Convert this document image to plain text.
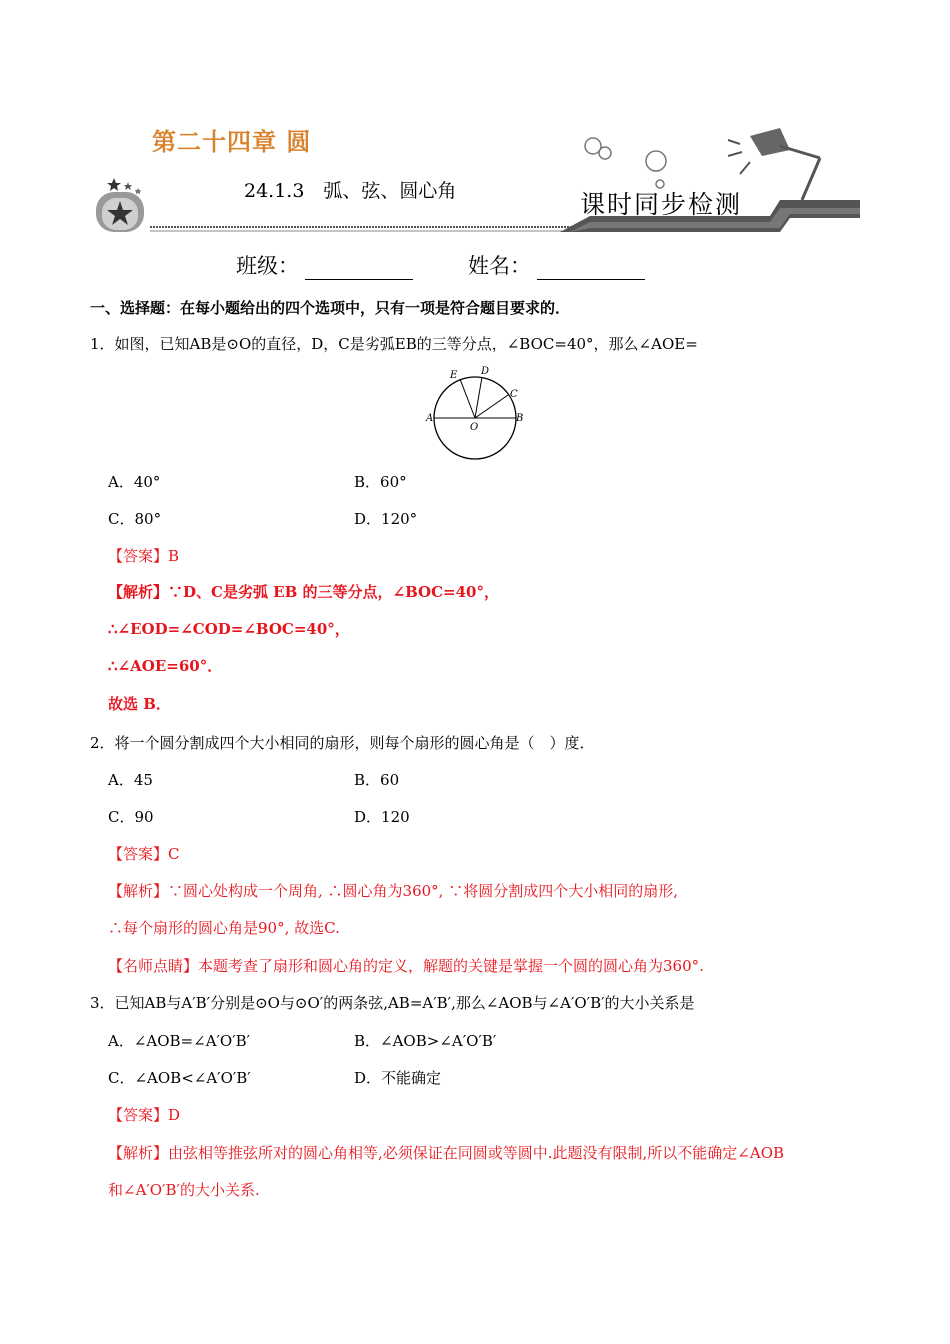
第二十四章 圆
24.1.3　弧、弦、圆心角	课时同步检测
班级：	姓名：
一、选择题：在每小题给出的四个选项中，只有一项是符合题目要求的．
1．如图，已知AB是⊙O的直径，D，C是劣弧EB的三等分点，∠BOC=40°，那么∠AOE=
E D
C
A
O
B
A．40°	B．60°
C．80°	D．120°
【答案】B
【解析】∵D、C是劣弧 EB 的三等分点，∠BOC=40°，
∴∠EOD=∠COD=∠BOC=40°，
∴∠AOE=60°．
故选 B．
2．将一个圆分割成四个大小相同的扇形，则每个扇形的圆心角是（　）度．
A．45	B．60
C．90	D．120
【答案】C
【解析】∵圆心处构成一个周角, ∴圆心角为360°, ∵将圆分割成四个大小相同的扇形,
∴每个扇形的圆心角是90°, 故选C.
【名师点睛】本题考查了扇形和圆心角的定义，解题的关键是掌握一个圆的圆心角为360°.
3．已知AB与A′B′分别是⊙O与⊙O′的两条弦,AB=A′B′,那么∠AOB与∠A′O′B′的大小关系是
A．∠AOB=∠A′O′B′	B．∠AOB>∠A′O′B′
C．∠AOB<∠A′O′B′	D．不能确定
【答案】D
【解析】由弦相等推弦所对的圆心角相等,必须保证在同圆或等圆中.此题没有限制,所以不能确定∠AOB
和∠A′O′B′的大小关系.
